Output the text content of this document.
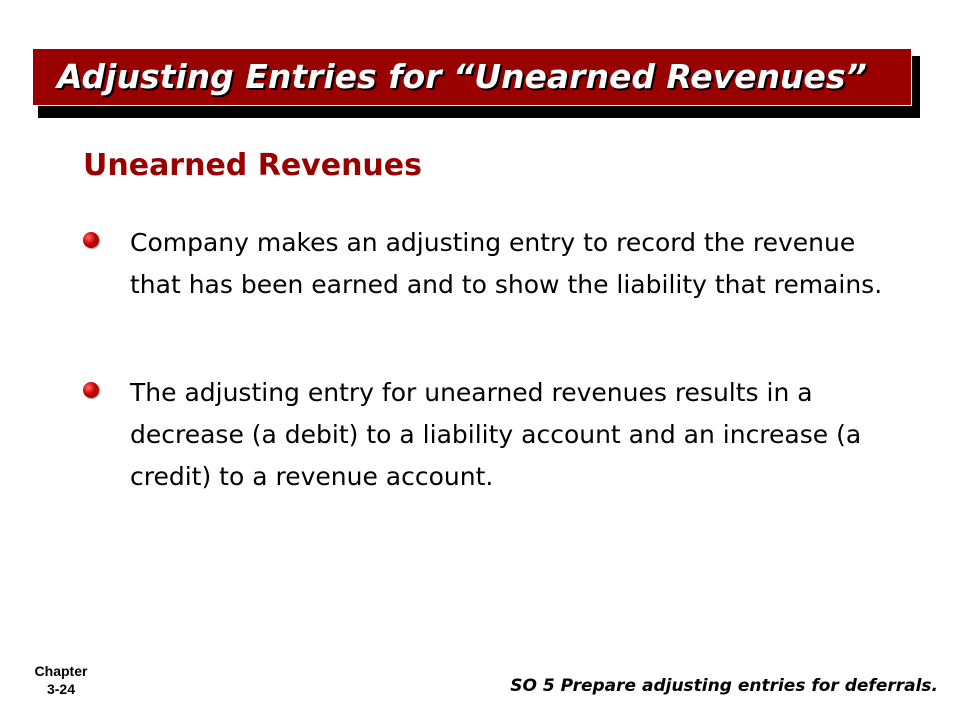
Adjusting Entries for “Unearned Revenues”
Unearned Revenues
Company makes an adjusting entry to record the revenue that has been earned and to show the liability that remains.
The adjusting entry for unearned revenues results in a decrease (a debit) to a liability account and an increase (a credit) to a revenue account.
Chapter
3-24	SO 5 Prepare adjusting entries for deferrals.
